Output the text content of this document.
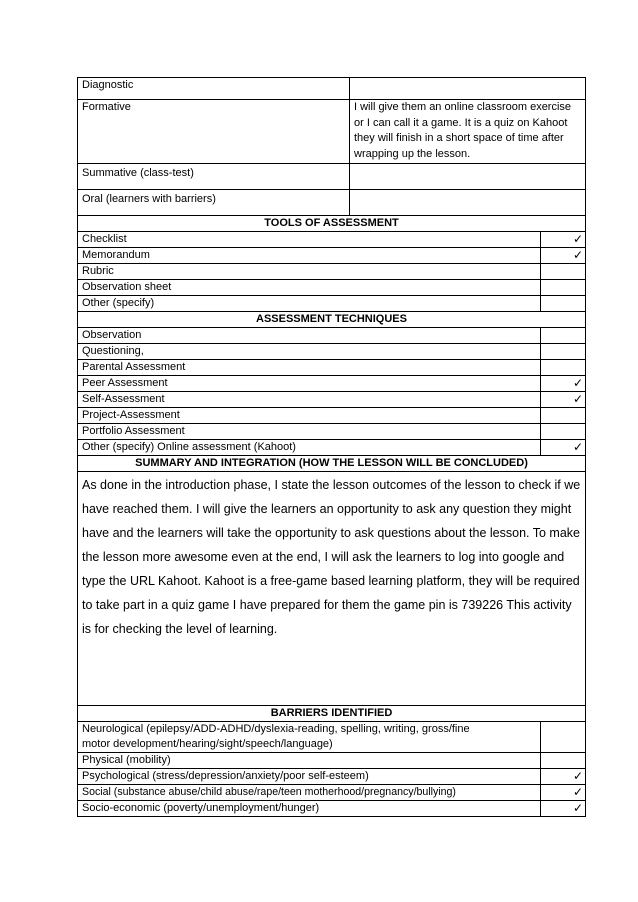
Diagnostic		
Formative	I will give them an online classroom exercise or I can call it a game. It is a quiz on Kahoot they will finish in a short space of time after wrapping up the lesson.	
Summative (class-test)		
Oral (learners with barriers)		
TOOLS OF ASSESSMENT		
Checklist		✓
Memorandum		✓
Rubric		
Observation sheet		
Other (specify)		
ASSESSMENT TECHNIQUES		
Observation		
Questioning,		
Parental Assessment		
Peer Assessment		✓
Self-Assessment		✓
Project-Assessment		
Portfolio Assessment		
Other (specify) Online assessment (Kahoot)		✓
SUMMARY AND INTEGRATION (HOW THE LESSON WILL BE CONCLUDED)		
As done in the introduction phase, I state the lesson outcomes of the lesson to check if we have reached them. I will give the learners an opportunity to ask any question they might have and the learners will take the opportunity to ask questions about the lesson. To make the lesson more awesome even at the end, I will ask the learners to log into google and type the URL Kahoot. Kahoot is a free-game based learning platform, they will be required to take part in a quiz game I have prepared for them the game pin is 739226 This activity is for checking the level of learning.		
BARRIERS IDENTIFIED		
Neurological (epilepsy/ADD-ADHD/dyslexia-reading, spelling, writing, gross/fine motor development/hearing/sight/speech/language)		
Physical (mobility)		
Psychological (stress/depression/anxiety/poor self-esteem)		✓
Social (substance abuse/child abuse/rape/teen motherhood/pregnancy/bullying)		✓
Socio-economic (poverty/unemployment/hunger)		✓
